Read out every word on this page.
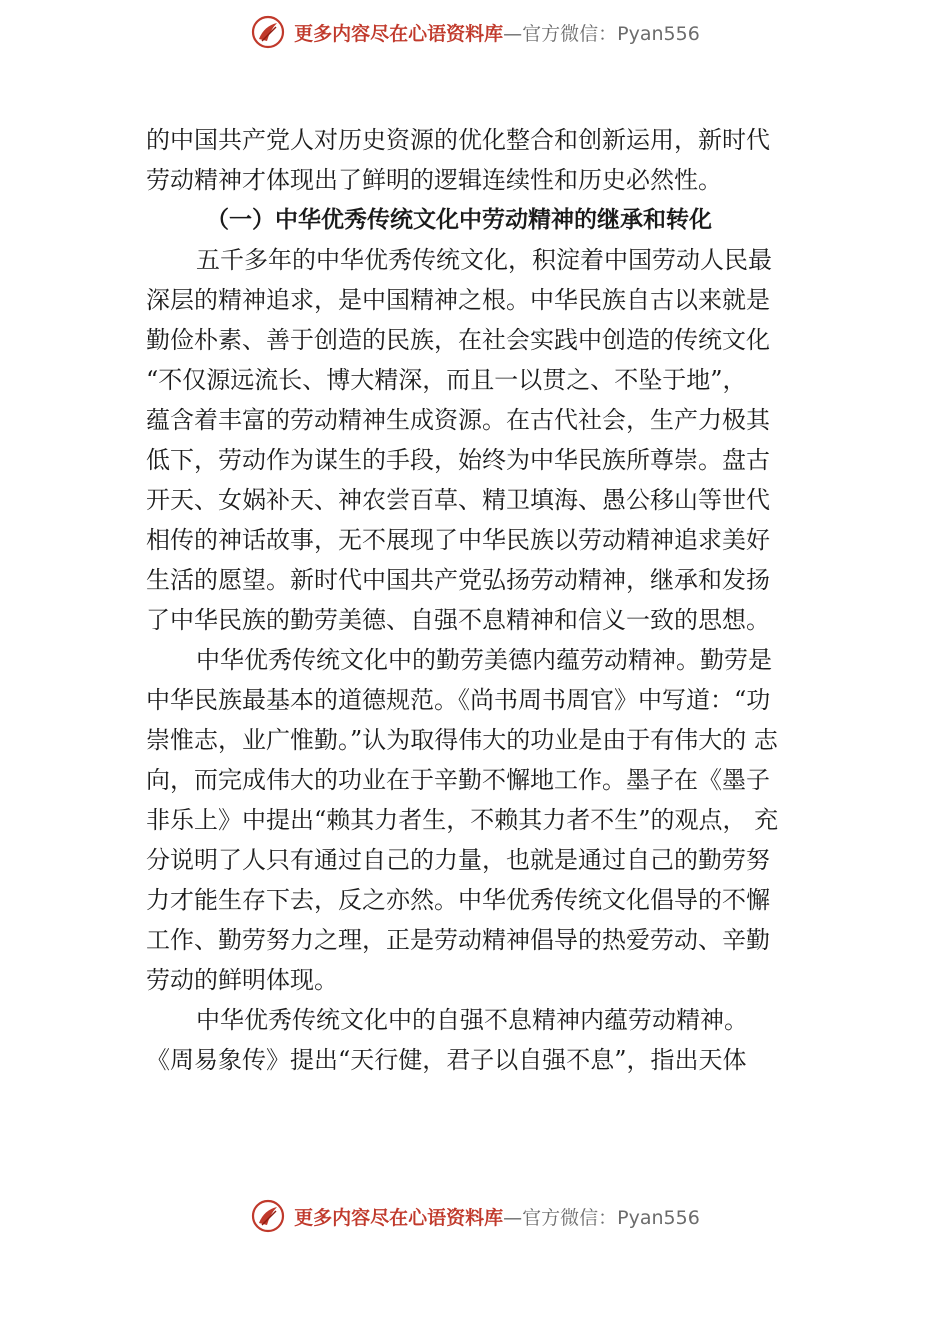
更多内容尽在心语资料库—官方微信：Pyan556
的中国共产党人对历史资源的优化整合和创新运用，新时代
劳动精神才体现出了鲜明的逻辑连续性和历史必然性。
（一）中华优秀传统文化中劳动精神的继承和转化
五千多年的中华优秀传统文化，积淀着中国劳动人民最
深层的精神追求，是中国精神之根。中华民族自古以来就是
勤俭朴素、善于创造的民族，在社会实践中创造的传统文化
“不仅源远流长、博大精深，而且一以贯之、不坠于地”，
蕴含着丰富的劳动精神生成资源。在古代社会，生产力极其
低下，劳动作为谋生的手段，始终为中华民族所尊崇。盘古
开天、女娲补天、神农尝百草、精卫填海、愚公移山等世代
相传的神话故事，无不展现了中华民族以劳动精神追求美好
生活的愿望。新时代中国共产党弘扬劳动精神，继承和发扬
了中华民族的勤劳美德、自强不息精神和信义一致的思想。
中华优秀传统文化中的勤劳美德内蕴劳动精神。勤劳是
中华民族最基本的道德规范。《尚书周书周官》中写道：“功
崇惟志，业广惟勤。”认为取得伟大的功业是由于有伟大的 志
向，而完成伟大的功业在于辛勤不懈地工作。墨子在《墨子
非乐上》中提出“赖其力者生，不赖其力者不生”的观点， 充
分说明了人只有通过自己的力量，也就是通过自己的勤劳努
力才能生存下去，反之亦然。中华优秀传统文化倡导的不懈
工作、勤劳努力之理，正是劳动精神倡导的热爱劳动、辛勤
劳动的鲜明体现。
中华优秀传统文化中的自强不息精神内蕴劳动精神。
《周易象传》提出“天行健，君子以自强不息”，指出天体
更多内容尽在心语资料库—官方微信：Pyan556
